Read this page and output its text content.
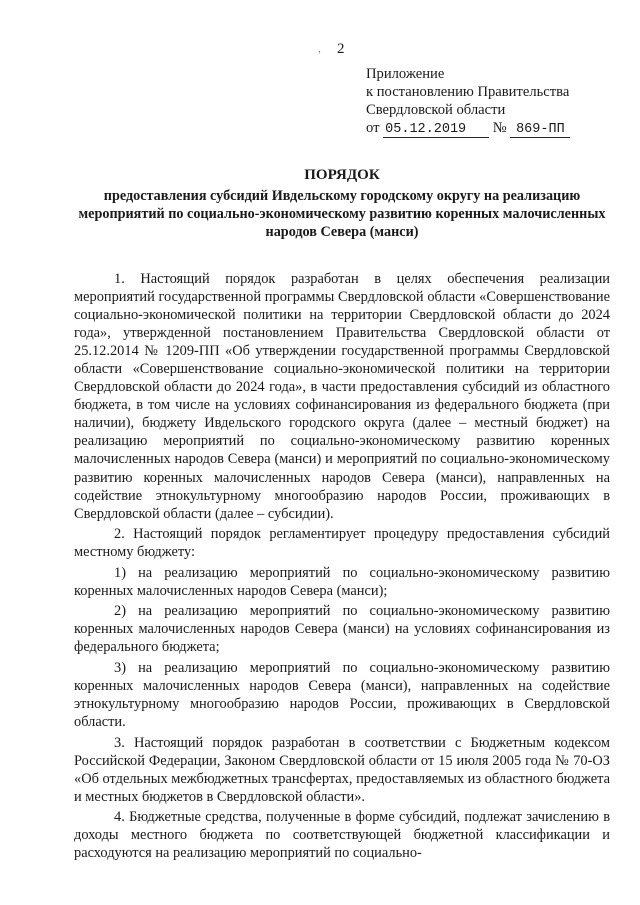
‚ 2
Приложение
к постановлению Правительства
Свердловской области
от 05.12.2019 № 869-ПП

ПОРЯДОК

предоставления субсидий Ивдельскому городскому округу на реализацию мероприятий по социально-экономическому развитию коренных малочисленных народов Севера (манси)

1. Настоящий порядок разработан в целях обеспечения реализации мероприятий государственной программы Свердловской области «Совершенствование социально-экономической политики на территории Свердловской области до 2024 года», утвержденной постановлением Правительства Свердловской области от 25.12.2014 № 1209-ПП «Об утверждении государственной программы Свердловской области «Совершенствование социально-экономической политики на территории Свердловской области до 2024 года», в части предоставления субсидий из областного бюджета, в том числе на условиях софинансирования из федерального бюджета (при наличии), бюджету Ивдельского городского округа (далее – местный бюджет) на реализацию мероприятий по социально-экономическому развитию коренных малочисленных народов Севера (манси) и мероприятий по социально-экономическому развитию коренных малочисленных народов Севера (манси), направленных на содействие этнокультурному многообразию народов России, проживающих в Свердловской области (далее – субсидии).

2. Настоящий порядок регламентирует процедуру предоставления субсидий местному бюджету:

1) на реализацию мероприятий по социально-экономическому развитию коренных малочисленных народов Севера (манси);

2) на реализацию мероприятий по социально-экономическому развитию коренных малочисленных народов Севера (манси) на условиях софинансирования из федерального бюджета;

3) на реализацию мероприятий по социально-экономическому развитию коренных малочисленных народов Севера (манси), направленных на содействие этнокультурному многообразию народов России, проживающих в Свердловской области.

3. Настоящий порядок разработан в соответствии с Бюджетным кодексом Российской Федерации, Законом Свердловской области от 15 июля 2005 года № 70-ОЗ «Об отдельных межбюджетных трансфертах, предоставляемых из областного бюджета и местных бюджетов в Свердловской области».

4. Бюджетные средства, полученные в форме субсидий, подлежат зачислению в доходы местного бюджета по соответствующей бюджетной классификации и расходуются на реализацию мероприятий по социально-
